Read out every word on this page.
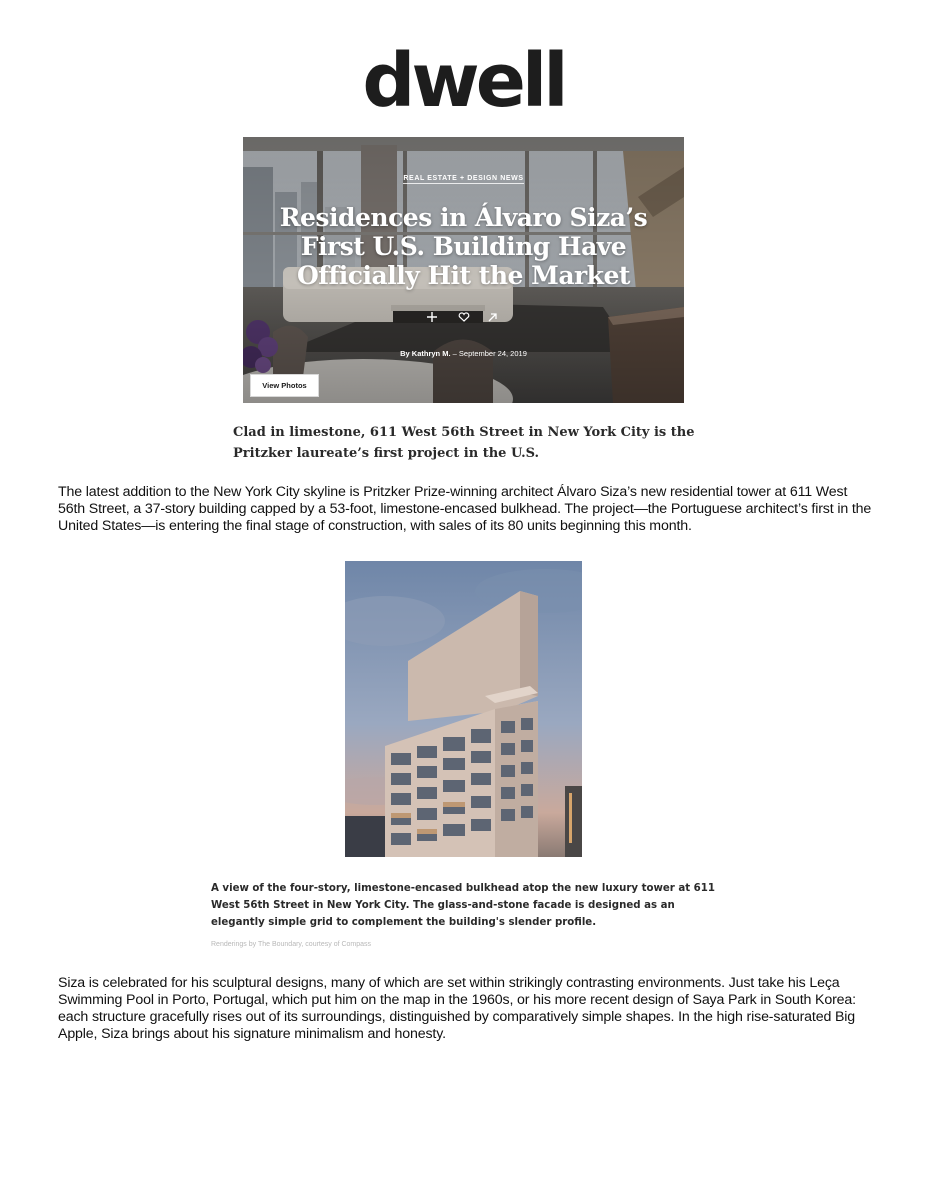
dwell
REAL ESTATE + DESIGN NEWS
Residences in Álvaro Siza’s First U.S. Building Have Officially Hit the Market
By Kathryn M. – September 24, 2019
View Photos
Clad in limestone, 611 West 56th Street in New York City is the Pritzker laureate’s first project in the U.S.
The latest addition to the New York City skyline is Pritzker Prize-winning architect Álvaro Siza’s new residential tower at 611 West 56th Street, a 37-story building capped by a 53-foot, limestone-encased bulkhead. The project—the Portuguese architect’s first in the United States—is entering the final stage of construction, with sales of its 80 units beginning this month.
A view of the four-story, limestone-encased bulkhead atop the new luxury tower at 611 West 56th Street in New York City. The glass-and-stone facade is designed as an elegantly simple grid to complement the building's slender profile.
Renderings by The Boundary, courtesy of Compass
Siza is celebrated for his sculptural designs, many of which are set within strikingly contrasting environments. Just take his Leça Swimming Pool in Porto, Portugal, which put him on the map in the 1960s, or his more recent design of Saya Park in South Korea: each structure gracefully rises out of its surroundings, distinguished by comparatively simple shapes. In the high rise-saturated Big Apple, Siza brings about his signature minimalism and honesty.
